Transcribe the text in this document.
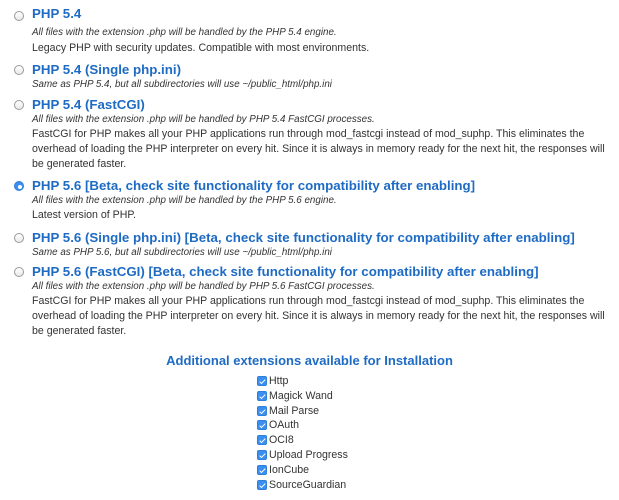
PHP 5.4
All files with the extension .php will be handled by the PHP 5.4 engine.
Legacy PHP with security updates. Compatible with most environments.
PHP 5.4 (Single php.ini)
Same as PHP 5.4, but all subdirectories will use ~/public_html/php.ini
PHP 5.4 (FastCGI)
All files with the extension .php will be handled by PHP 5.4 FastCGI processes.
FastCGI for PHP makes all your PHP applications run through mod_fastcgi instead of mod_suphp. This eliminates the overhead of loading the PHP interpreter on every hit. Since it is always in memory ready for the next hit, the responses will be generated faster.
PHP 5.6 [Beta, check site functionality for compatibility after enabling]
All files with the extension .php will be handled by the PHP 5.6 engine.
Latest version of PHP.
PHP 5.6 (Single php.ini) [Beta, check site functionality for compatibility after enabling]
Same as PHP 5.6, but all subdirectories will use ~/public_html/php.ini
PHP 5.6 (FastCGI) [Beta, check site functionality for compatibility after enabling]
All files with the extension .php will be handled by PHP 5.6 FastCGI processes.
FastCGI for PHP makes all your PHP applications run through mod_fastcgi instead of mod_suphp. This eliminates the overhead of loading the PHP interpreter on every hit. Since it is always in memory ready for the next hit, the responses will be generated faster.
Additional extensions available for Installation
Http
Magick Wand
Mail Parse
OAuth
OCI8
Upload Progress
IonCube
SourceGuardian
